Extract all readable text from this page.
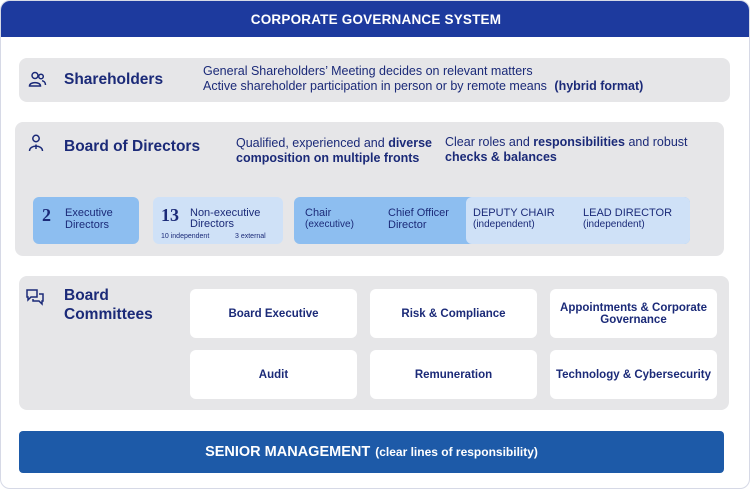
CORPORATE GOVERNANCE SYSTEM
Shareholders	General Shareholders’ Meeting decides on relevant matters
Active shareholder participation in person or by remote means (hybrid format)
Board of Directors	Qualified, experienced and diverse
composition on multiple fronts
Clear roles and responsibilities and robust
checks & balances
2 Executive
Directors	13 Non-executive
Directors
10 independent	3 external
Chair
(executive)
Chief Officer
Director
DEPUTY CHAIR
(independent)
LEAD DIRECTOR
(independent)
Board
Committees	Board Executive	Risk & Compliance	Appointments & Corporate Governance
Audit	Remuneration	Technology & Cybersecurity
SENIOR MANAGEMENT (clear lines of responsibility)
